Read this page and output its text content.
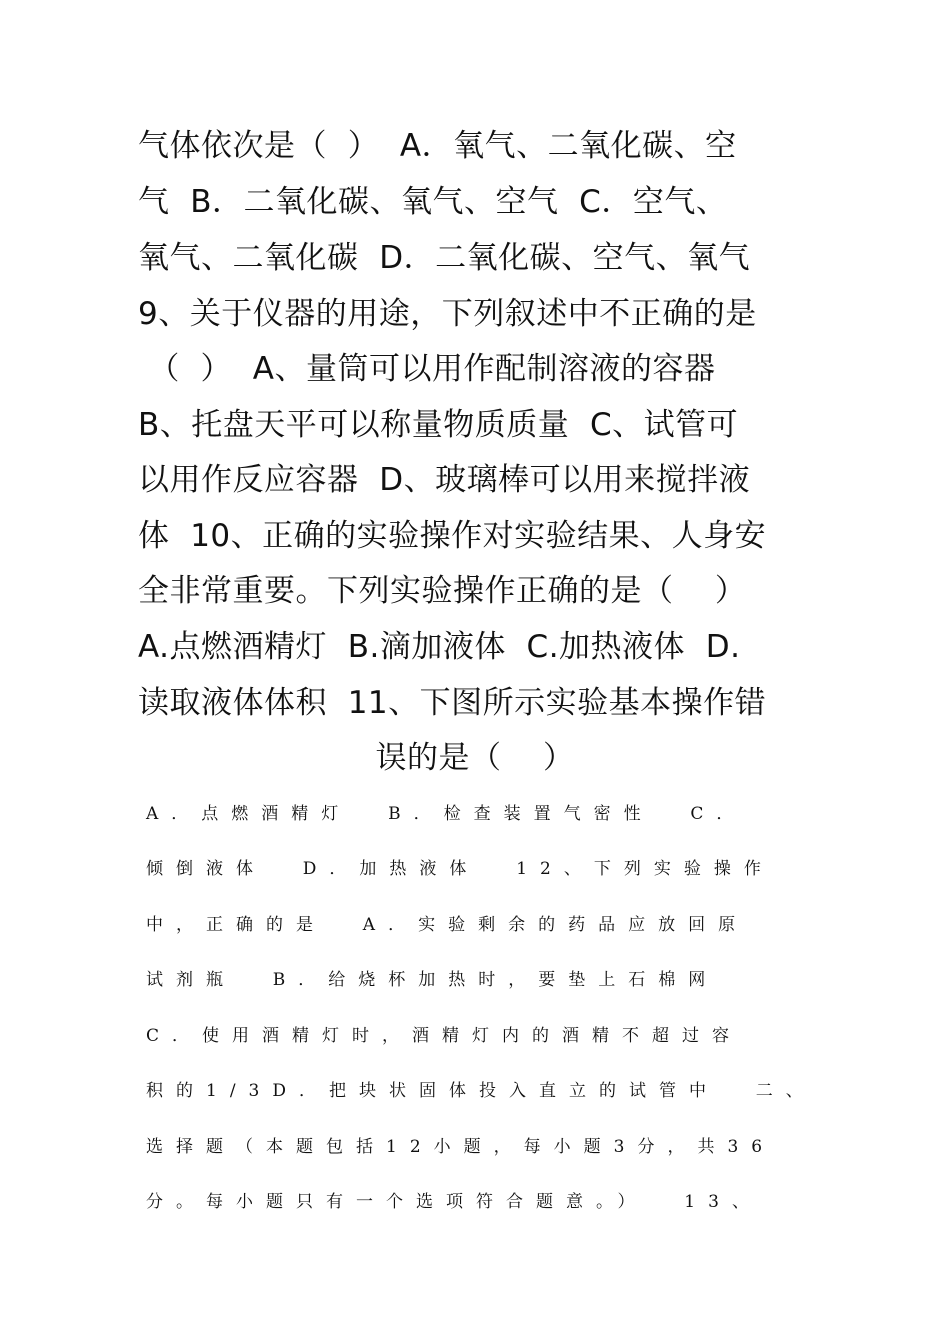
气体依次是（  ）  A．氧气、二氧化碳、空
气  B．二氧化碳、氧气、空气  C．空气、
氧气、二氧化碳  D．二氧化碳、空气、氧气
9、关于仪器的用途，下列叙述中不正确的是
（  ）  A、量筒可以用作配制溶液的容器
B、托盘天平可以称量物质质量  C、试管可
以用作反应容器  D、玻璃棒可以用来搅拌液
体  10、正确的实验操作对实验结果、人身安
全非常重要。下列实验操作正确的是（    ）
A.点燃酒精灯  B.滴加液体  C.加热液体  D.
读取液体体积  11、下图所示实验基本操作错
误的是（    ）
A．点燃酒精灯  B．检查装置气密性  C．
倾倒液体  D．加热液体  12、下列实验操作
中，正确的是  A．实验剩余的药品应放回原
试剂瓶  B．给烧杯加热时，要垫上石棉网
C．使用酒精灯时，酒精灯内的酒精不超过容
积的1/3D．把块状固体投入直立的试管中  二、
选择题（本题包括12小题，每小题3分，共36
分。每小题只有一个选项符合题意。）  13、
